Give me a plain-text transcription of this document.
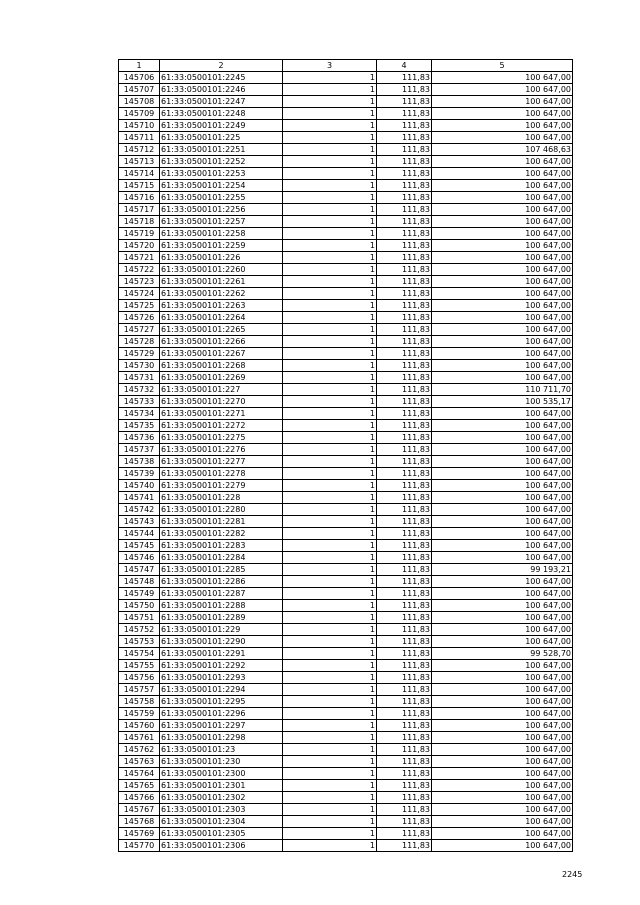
1	2	3	4	5
145706	61:33:0500101:2245	1	111,83	100 647,00
145707	61:33:0500101:2246	1	111,83	100 647,00
145708	61:33:0500101:2247	1	111,83	100 647,00
145709	61:33:0500101:2248	1	111,83	100 647,00
145710	61:33:0500101:2249	1	111,83	100 647,00
145711	61:33:0500101:225	1	111,83	100 647,00
145712	61:33:0500101:2251	1	111,83	107 468,63
145713	61:33:0500101:2252	1	111,83	100 647,00
145714	61:33:0500101:2253	1	111,83	100 647,00
145715	61:33:0500101:2254	1	111,83	100 647,00
145716	61:33:0500101:2255	1	111,83	100 647,00
145717	61:33:0500101:2256	1	111,83	100 647,00
145718	61:33:0500101:2257	1	111,83	100 647,00
145719	61:33:0500101:2258	1	111,83	100 647,00
145720	61:33:0500101:2259	1	111,83	100 647,00
145721	61:33:0500101:226	1	111,83	100 647,00
145722	61:33:0500101:2260	1	111,83	100 647,00
145723	61:33:0500101:2261	1	111,83	100 647,00
145724	61:33:0500101:2262	1	111,83	100 647,00
145725	61:33:0500101:2263	1	111,83	100 647,00
145726	61:33:0500101:2264	1	111,83	100 647,00
145727	61:33:0500101:2265	1	111,83	100 647,00
145728	61:33:0500101:2266	1	111,83	100 647,00
145729	61:33:0500101:2267	1	111,83	100 647,00
145730	61:33:0500101:2268	1	111,83	100 647,00
145731	61:33:0500101:2269	1	111,83	100 647,00
145732	61:33:0500101:227	1	111,83	110 711,70
145733	61:33:0500101:2270	1	111,83	100 535,17
145734	61:33:0500101:2271	1	111,83	100 647,00
145735	61:33:0500101:2272	1	111,83	100 647,00
145736	61:33:0500101:2275	1	111,83	100 647,00
145737	61:33:0500101:2276	1	111,83	100 647,00
145738	61:33:0500101:2277	1	111,83	100 647,00
145739	61:33:0500101:2278	1	111,83	100 647,00
145740	61:33:0500101:2279	1	111,83	100 647,00
145741	61:33:0500101:228	1	111,83	100 647,00
145742	61:33:0500101:2280	1	111,83	100 647,00
145743	61:33:0500101:2281	1	111,83	100 647,00
145744	61:33:0500101:2282	1	111,83	100 647,00
145745	61:33:0500101:2283	1	111,83	100 647,00
145746	61:33:0500101:2284	1	111,83	100 647,00
145747	61:33:0500101:2285	1	111,83	99 193,21
145748	61:33:0500101:2286	1	111,83	100 647,00
145749	61:33:0500101:2287	1	111,83	100 647,00
145750	61:33:0500101:2288	1	111,83	100 647,00
145751	61:33:0500101:2289	1	111,83	100 647,00
145752	61:33:0500101:229	1	111,83	100 647,00
145753	61:33:0500101:2290	1	111,83	100 647,00
145754	61:33:0500101:2291	1	111,83	99 528,70
145755	61:33:0500101:2292	1	111,83	100 647,00
145756	61:33:0500101:2293	1	111,83	100 647,00
145757	61:33:0500101:2294	1	111,83	100 647,00
145758	61:33:0500101:2295	1	111,83	100 647,00
145759	61:33:0500101:2296	1	111,83	100 647,00
145760	61:33:0500101:2297	1	111,83	100 647,00
145761	61:33:0500101:2298	1	111,83	100 647,00
145762	61:33:0500101:23	1	111,83	100 647,00
145763	61:33:0500101:230	1	111,83	100 647,00
145764	61:33:0500101:2300	1	111,83	100 647,00
145765	61:33:0500101:2301	1	111,83	100 647,00
145766	61:33:0500101:2302	1	111,83	100 647,00
145767	61:33:0500101:2303	1	111,83	100 647,00
145768	61:33:0500101:2304	1	111,83	100 647,00
145769	61:33:0500101:2305	1	111,83	100 647,00
145770	61:33:0500101:2306	1	111,83	100 647,00
2245
